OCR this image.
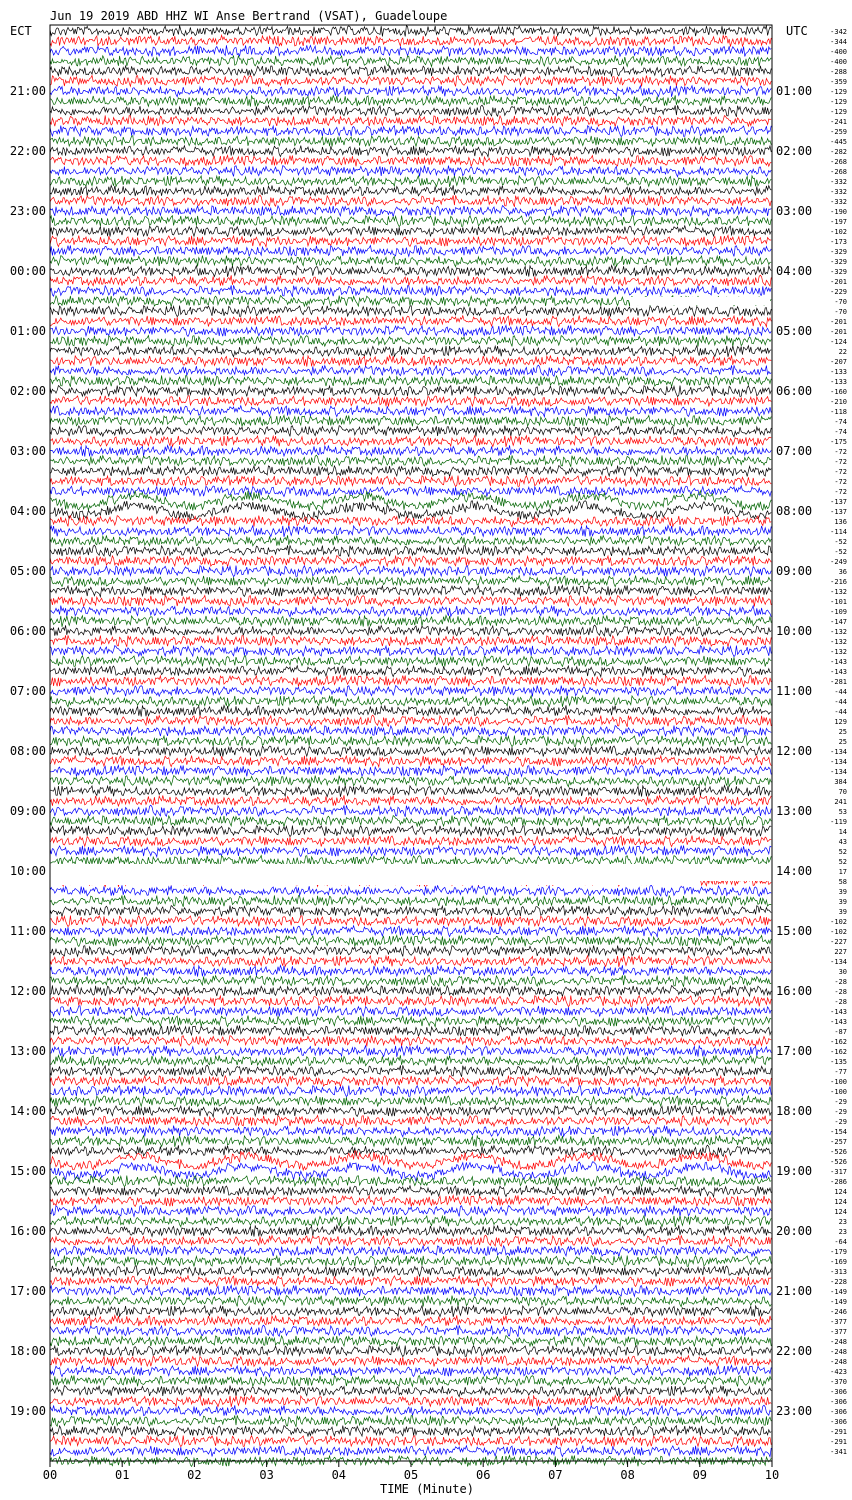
Jun 19 2019 ABD HHZ WI Anse Bertrand (VSAT), Guadeloupe
ECT	UTC
21:00
22:00
23:00
00:00
01:00
02:00
03:00
04:00
05:00
06:00
07:00
08:00
09:00
10:00
11:00
12:00
13:00
14:00
15:00
16:00
17:00
18:00
19:00
01:00
02:00
03:00
04:00
05:00
06:00
07:00
08:00
09:00
10:00
11:00
12:00
13:00
14:00
15:00
16:00
17:00
18:00
19:00
20:00
21:00
22:00
23:00
-342
-344
-400
-400
-288
-359
-129
-129
-129
-241
-259
-445
-282
-268
-268
-332
-332
-332
-190
-197
-102
-173
-329
-329
-329
-201
-229
-70
-70
-201
-201
-124
22
-207
-133
-133
-160
-210
-118
-74
-74
-175
-72
-72
-72
-72
-72
-137
-137
136
-114
-52
-52
-249
36
-216
-132
-101
-109
-147
-132
-132
-132
-143
-143
-281
-44
-44
-44
129
25
25
-134
-134
-134
384
70
241
53
-119
14
43
52
52
17
58
39
39
39
-102
-102
-227
227
-134
30
-28
-28
-28
-143
-143
-87
-162
-162
-135
-77
-100
-100
-29
-29
-29
-154
-257
-526
-526
-317
-286
124
124
124
23
23
-64
-179
-169
-313
-228
-149
-149
-246
-377
-377
-248
-248
-248
-423
-370
-306
-306
-306
-306
-291
-291
-341
00	01	02	03	04	05	06	07	08	09	10
TIME (Minute)
